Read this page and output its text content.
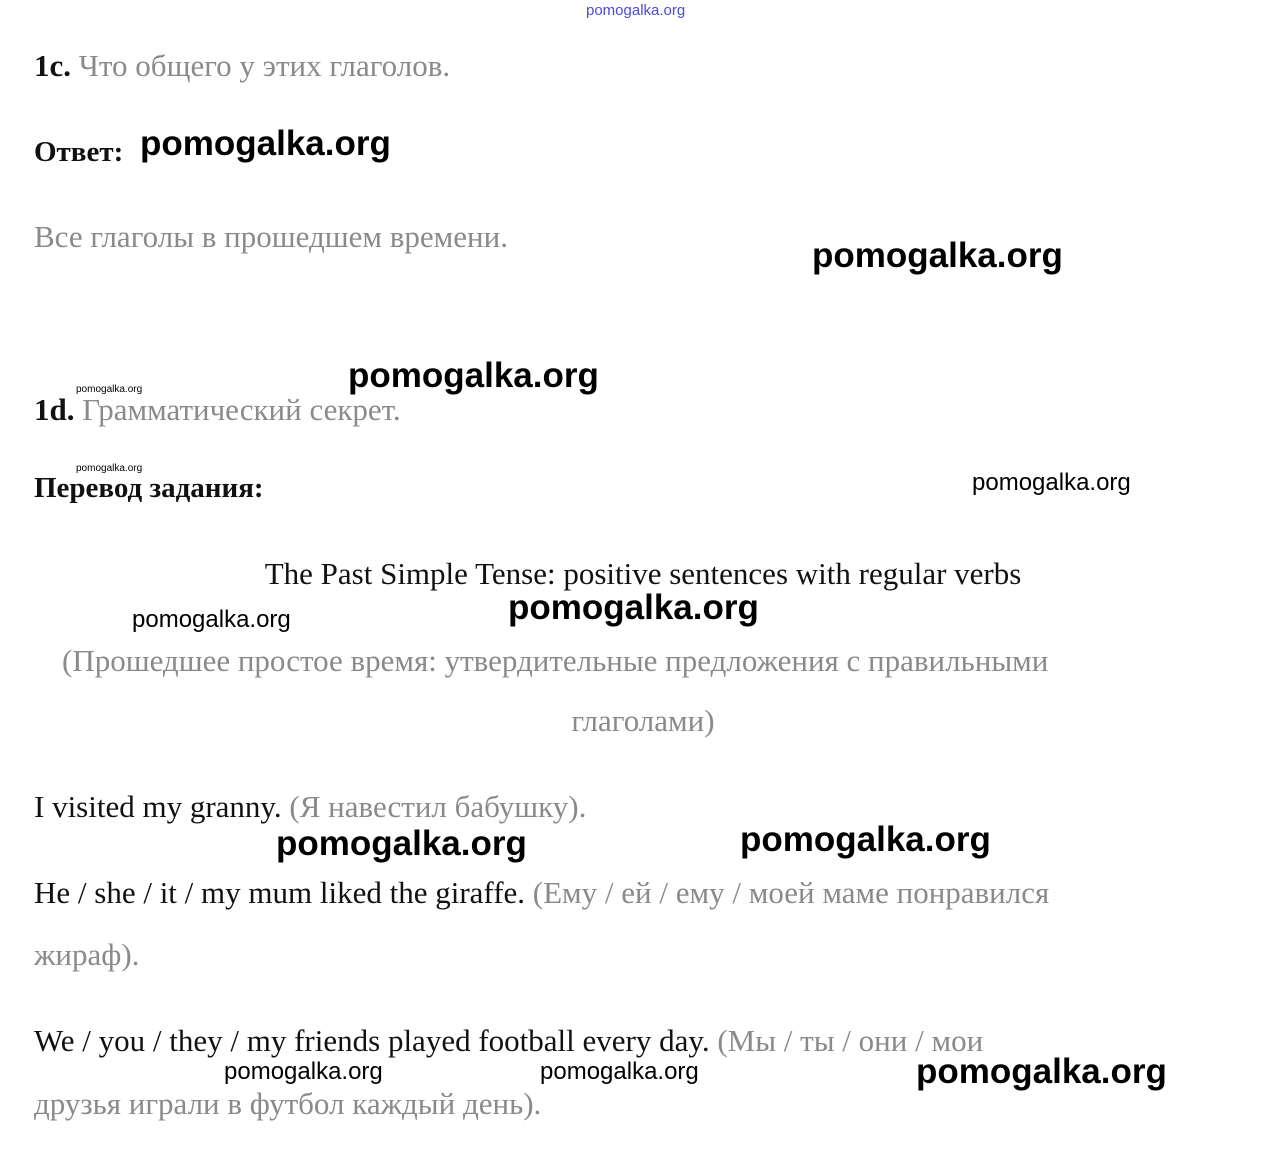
pomogalka.org
1c. Что общего у этих глаголов.
Ответ: pomogalka.org
Все глаголы в прошедшем времени.	pomogalka.org
pomogalka.org	pomogalka.org
1d. Грамматический секрет.
pomogalka.org
Перевод задания:	pomogalka.org
The Past Simple Tense: positive sentences with regular verbs
pomogalka.org	pomogalka.org
(Прошедшее простое время: утвердительные предложения с правильными
глаголами)
I visited my granny. (Я навестил бабушку).
pomogalka.org	pomogalka.org
He / she / it / my mum liked the giraffe. (Ему / ей / ему / моей маме понравился
жираф).
We / you / they / my friends played football every day. (Мы / ты / они / мои
pomogalka.org	pomogalka.org	pomogalka.org
друзья играли в футбол каждый день).
